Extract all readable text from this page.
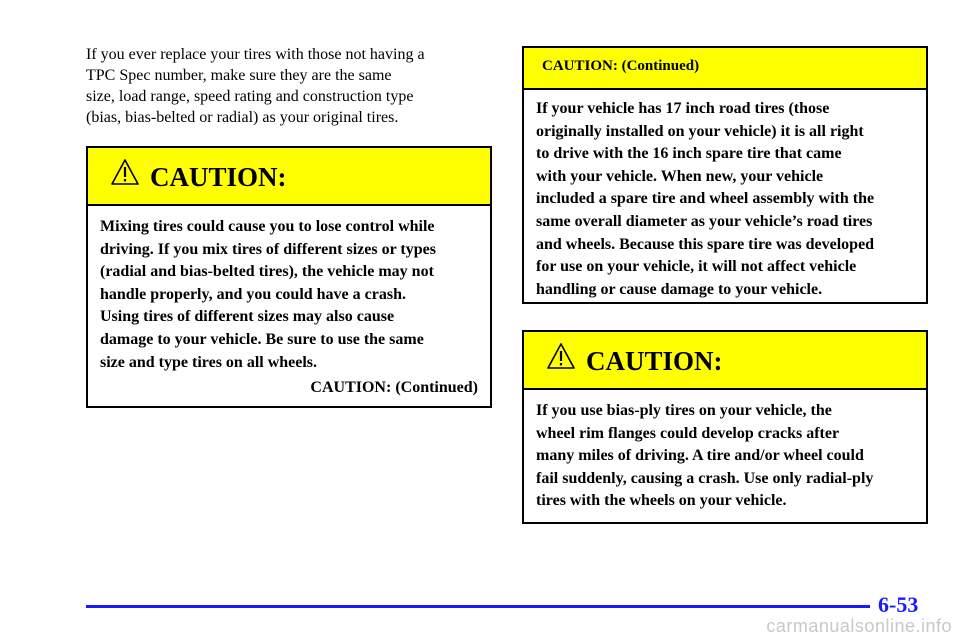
If you ever replace your tires with those not having a
TPC Spec number, make sure they are the same
size, load range, speed rating and construction type
(bias, bias-belted or radial) as your original tires.

CAUTION:

Mixing tires could cause you to lose control while
driving. If you mix tires of different sizes or types
(radial and bias-belted tires), the vehicle may not
handle properly, and you could have a crash.
Using tires of different sizes may also cause
damage to your vehicle. Be sure to use the same
size and type tires on all wheels.

CAUTION: (Continued)

CAUTION: (Continued)

If your vehicle has 17 inch road tires (those
originally installed on your vehicle) it is all right
to drive with the 16 inch spare tire that came
with your vehicle. When new, your vehicle
included a spare tire and wheel assembly with the
same overall diameter as your vehicle’s road tires
and wheels. Because this spare tire was developed
for use on your vehicle, it will not affect vehicle
handling or cause damage to your vehicle.

CAUTION:

If you use bias-ply tires on your vehicle, the
wheel rim flanges could develop cracks after
many miles of driving. A tire and/or wheel could
fail suddenly, causing a crash. Use only radial-ply
tires with the wheels on your vehicle.

6-53
carmanualsonline.info
